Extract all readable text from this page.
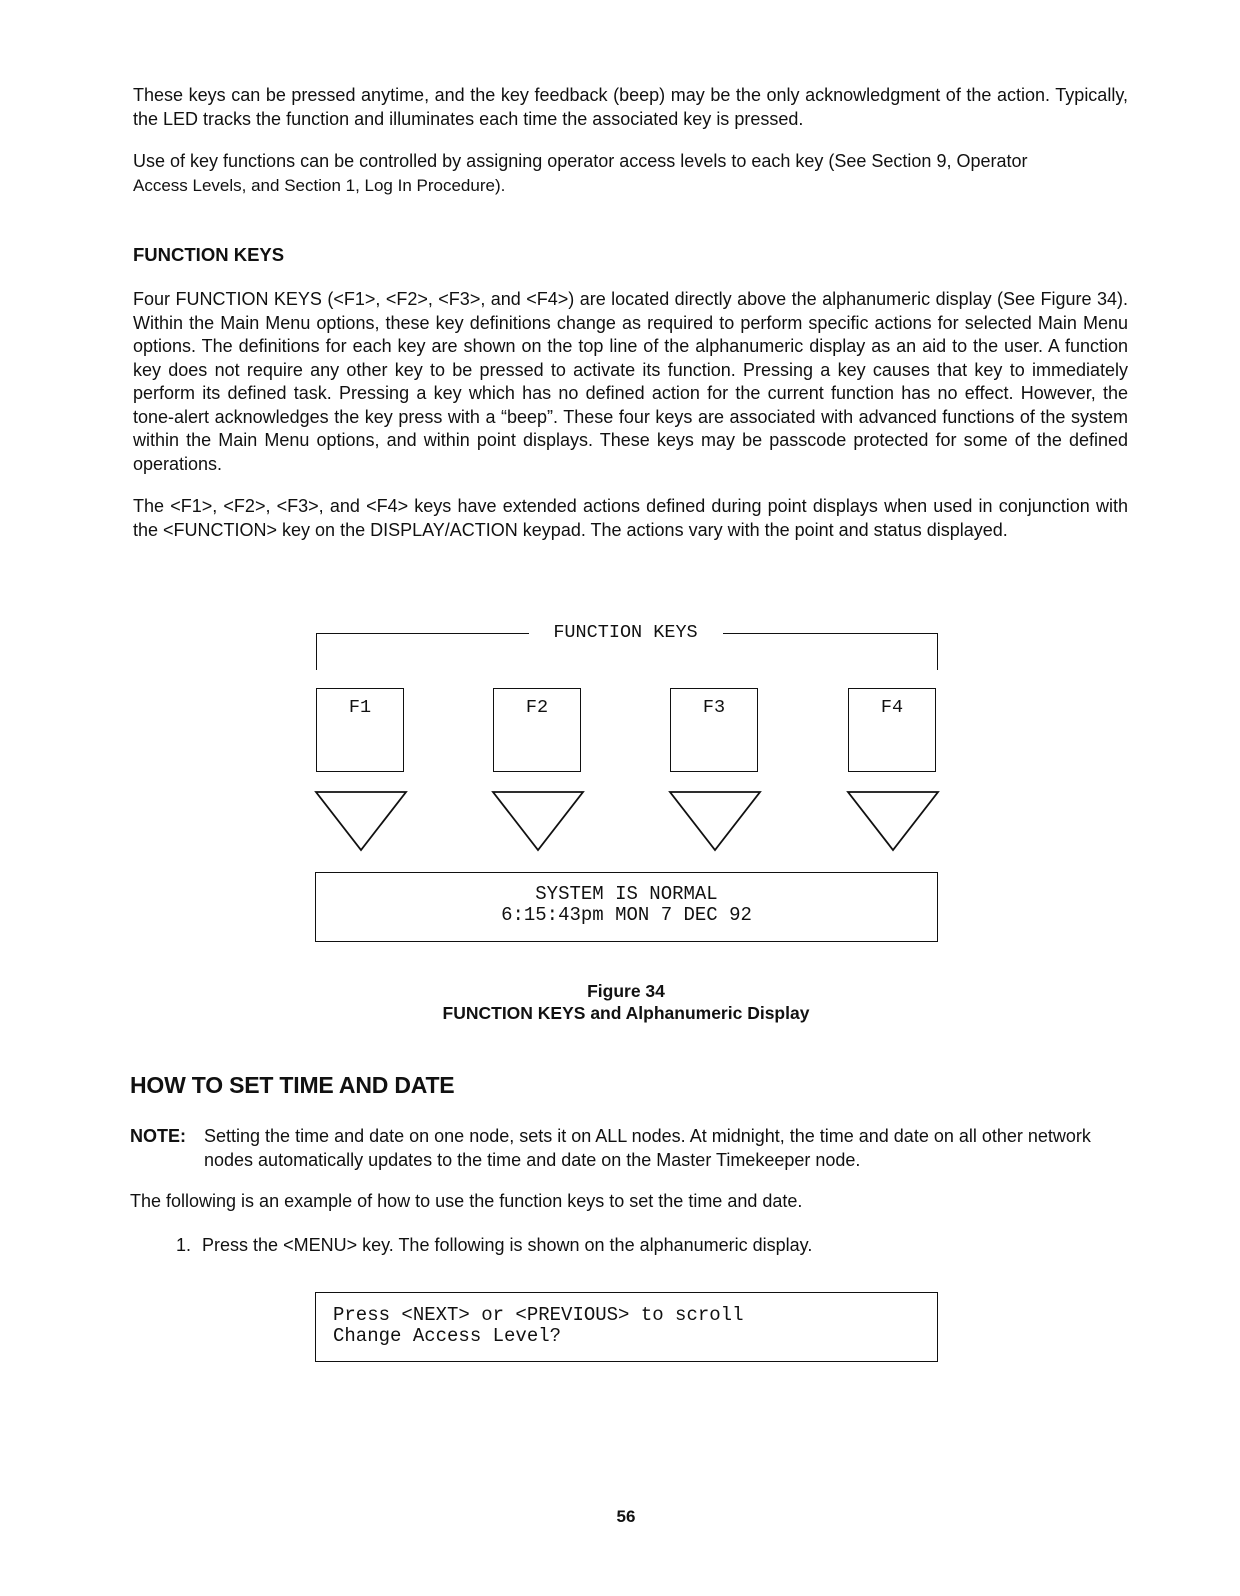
These keys can be pressed anytime, and the key feedback (beep) may be the only acknowledgment of the action. Typically, the LED tracks the function and illuminates each time the associated key is pressed.

Use of key functions can be controlled by assigning operator access levels to each key (See Section 9, Operator
Access Levels, and Section 1, Log In Procedure).

FUNCTION KEYS

Four FUNCTION KEYS (<F1>, <F2>, <F3>, and <F4>) are located directly above the alphanumeric display (See Figure 34). Within the Main Menu options, these key definitions change as required to perform specific actions for selected Main Menu options. The definitions for each key are shown on the top line of the alphanumeric display as an aid to the user. A function key does not require any other key to be pressed to activate its function. Pressing a key causes that key to immediately perform its defined task. Pressing a key which has no defined action for the current function has no effect. However, the tone-alert acknowledges the key press with a “beep”. These four keys are associated with advanced functions of the system within the Main Menu options, and within point displays. These keys may be passcode protected for some of the defined operations.

The <F1>, <F2>, <F3>, and <F4> keys have extended actions defined during point displays when used in conjunction with the <FUNCTION> key on the DISPLAY/ACTION keypad. The actions vary with the point and status displayed.

FUNCTION KEYS
F1	F2	F3	F4
SYSTEM IS NORMAL
6:15:43pm MON 7 DEC 92

Figure 34

FUNCTION KEYS and Alphanumeric Display

HOW TO SET TIME AND DATE
NOTE: Setting the time and date on one node, sets it on ALL nodes. At midnight, the time and date on all other network nodes automatically updates to the time and date on the Master Timekeeper node.

The following is an example of how to use the function keys to set the time and date.

1. Press the <MENU> key. The following is shown on the alphanumeric display.

Press <NEXT> or <PREVIOUS> to scroll
Change Access Level?
56
